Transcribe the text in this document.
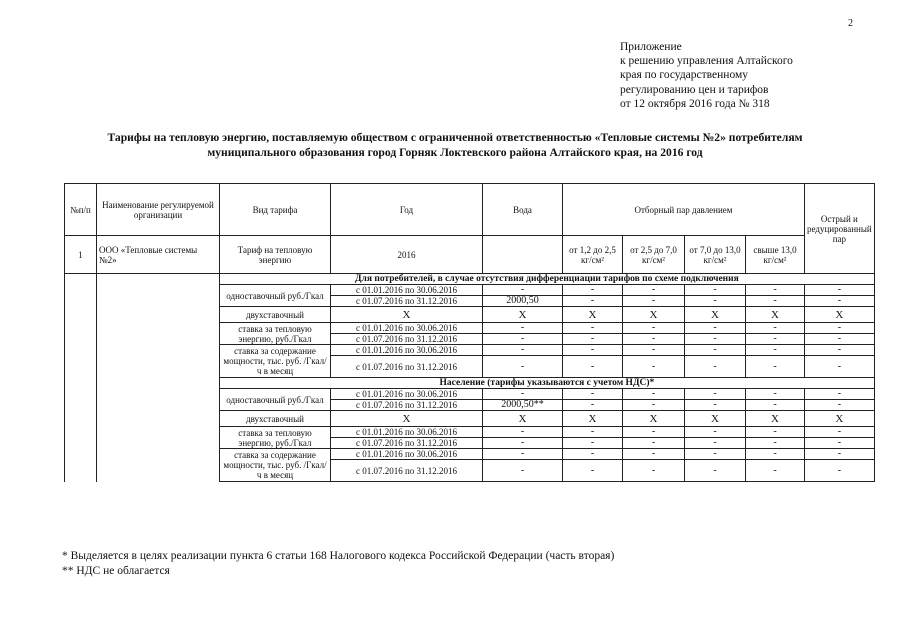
2
Приложение
к решению управления Алтайского
края по государственному
регулированию цен и тарифов
от 12 октября 2016 года № 318
Тарифы на тепловую энергию, поставляемую обществом с ограниченной ответственностью «Тепловые системы №2» потребителям
муниципального образования город Горняк Локтевского района Алтайского края, на 2016 год
№п/п	Наименование регулируемой организации	Вид тарифа	Год	Вода	Отборный пар давлением				Острый и редуцированный пар
1	ООО «Тепловые системы №2»	Тариф на тепловую энергию	2016		от 1,2 до 2,5 кг/см²	от 2,5 до 7,0 кг/см²	от 7,0 до 13,0 кг/см²	свыше 13,0 кг/см²	
		Для потребителей, в случае отсутствия дифференциации тарифов по схеме подключения							
		одноставочный руб./Гкал	с 01.01.2016 по 30.06.2016	-	-	-	-	-	-
			с 01.07.2016 по 31.12.2016	2000,50	-	-	-	-	-
		двухставочный	Х	Х	Х	Х	Х	Х	Х
		ставка за тепловую энергию, руб./Гкал	с 01.01.2016 по 30.06.2016	-	-	-	-	-	-
			с 01.07.2016 по 31.12.2016	-	-	-	-	-	-
		ставка за содержание мощности, тыс. руб. /Гкал/ч в месяц	с 01.01.2016 по 30.06.2016	-	-	-	-	-	-
			с 01.07.2016 по 31.12.2016	-	-	-	-	-	-
		Население (тарифы указываются с учетом НДС)*							
		одноставочный руб./Гкал	с 01.01.2016 по 30.06.2016	-	-	-	-	-	-
			с 01.07.2016 по 31.12.2016	2000,50**	-	-	-	-	-
		двухставочный	Х	Х	Х	Х	Х	Х	Х
		ставка за тепловую энергию, руб./Гкал	с 01.01.2016 по 30.06.2016	-	-	-	-	-	-
			с 01.07.2016 по 31.12.2016	-	-	-	-	-	-
		ставка за содержание мощности, тыс. руб. /Гкал/ч в месяц	с 01.01.2016 по 30.06.2016	-	-	-	-	-	-
			с 01.07.2016 по 31.12.2016	-	-	-	-	-	-
* Выделяется в целях реализации пункта 6 статьи 168 Налогового кодекса Российской Федерации (часть вторая)
** НДС не облагается
